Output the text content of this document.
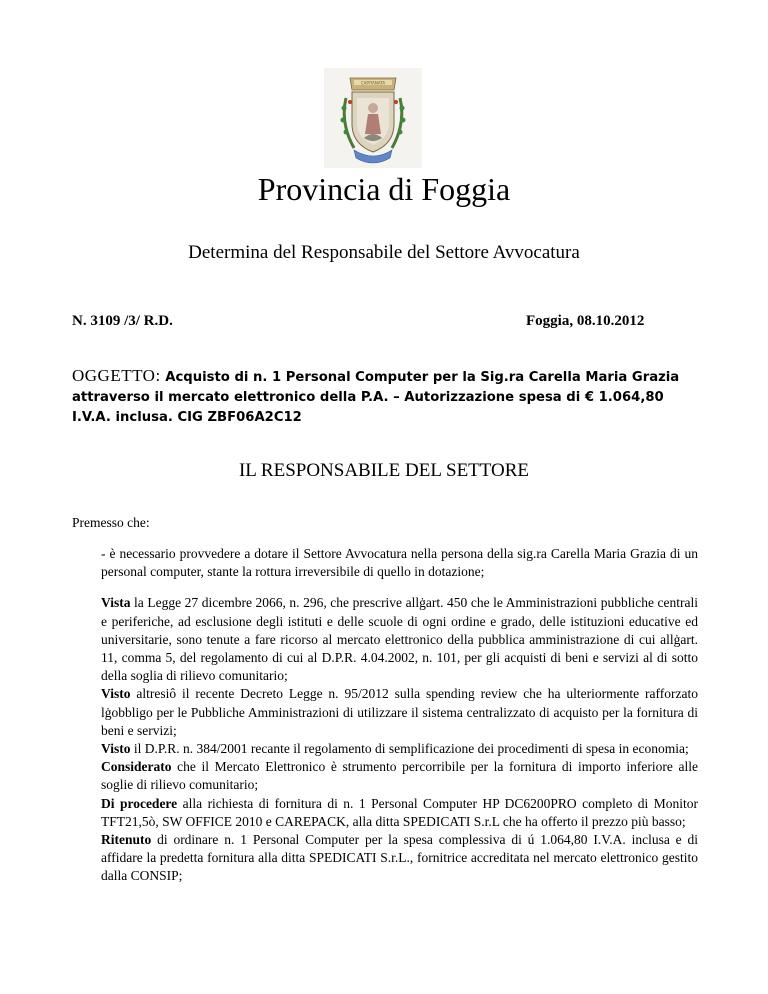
CAPITANATA
Provincia di Foggia
Determina del Responsabile del Settore Avvocatura
N. 3109 /3/ R.D.	Foggia, 08.10.2012
OGGETTO: Acquisto di n. 1 Personal Computer per la Sig.ra Carella Maria Grazia attraverso il mercato elettronico della P.A. – Autorizzazione spesa di € 1.064,80 I.V.A. inclusa. CIG ZBF06A2C12
IL RESPONSABILE DEL SETTORE
Premesso che:

- è necessario provvedere a dotare il Settore Avvocatura nella persona della sig.ra Carella Maria Grazia di un personal computer, stante la rottura irreversibile di quello in dotazione;

Vista la Legge 27 dicembre 2066, n. 296, che prescrive allġart. 450 che le Amministrazioni pubbliche centrali e periferiche, ad esclusione degli istituti e delle scuole di ogni ordine e grado, delle istituzioni educative ed universitarie, sono tenute a fare ricorso al mercato elettronico della pubblica amministrazione di cui allġart. 11, comma 5, del regolamento di cui al D.P.R. 4.04.2002, n. 101, per gli acquisti di beni e servizi al di sotto della soglia di rilievo comunitario;

Visto altresiô il recente Decreto Legge n. 95/2012 sulla spending review che ha ulteriormente rafforzato lġobbligo per le Pubbliche Amministrazioni di utilizzare il sistema centralizzato di acquisto per la fornitura di beni e servizi;

Visto il D.P.R. n. 384/2001 recante il regolamento di semplificazione dei procedimenti di spesa in economia;

Considerato che il Mercato Elettronico è strumento percorribile per la fornitura di importo inferiore alle soglie di rilievo comunitario;

Di procedere alla richiesta di fornitura di n. 1 Personal Computer HP DC6200PRO completo di Monitor TFT21,5ò, SW OFFICE 2010 e CAREPACK, alla ditta SPEDICATI S.r.L che ha offerto il prezzo più basso;

Ritenuto di ordinare n. 1 Personal Computer per la spesa complessiva di ú 1.064,80 I.V.A. inclusa e di affidare la predetta fornitura alla ditta SPEDICATI S.r.L., fornitrice accreditata nel mercato elettronico gestito dalla CONSIP;
